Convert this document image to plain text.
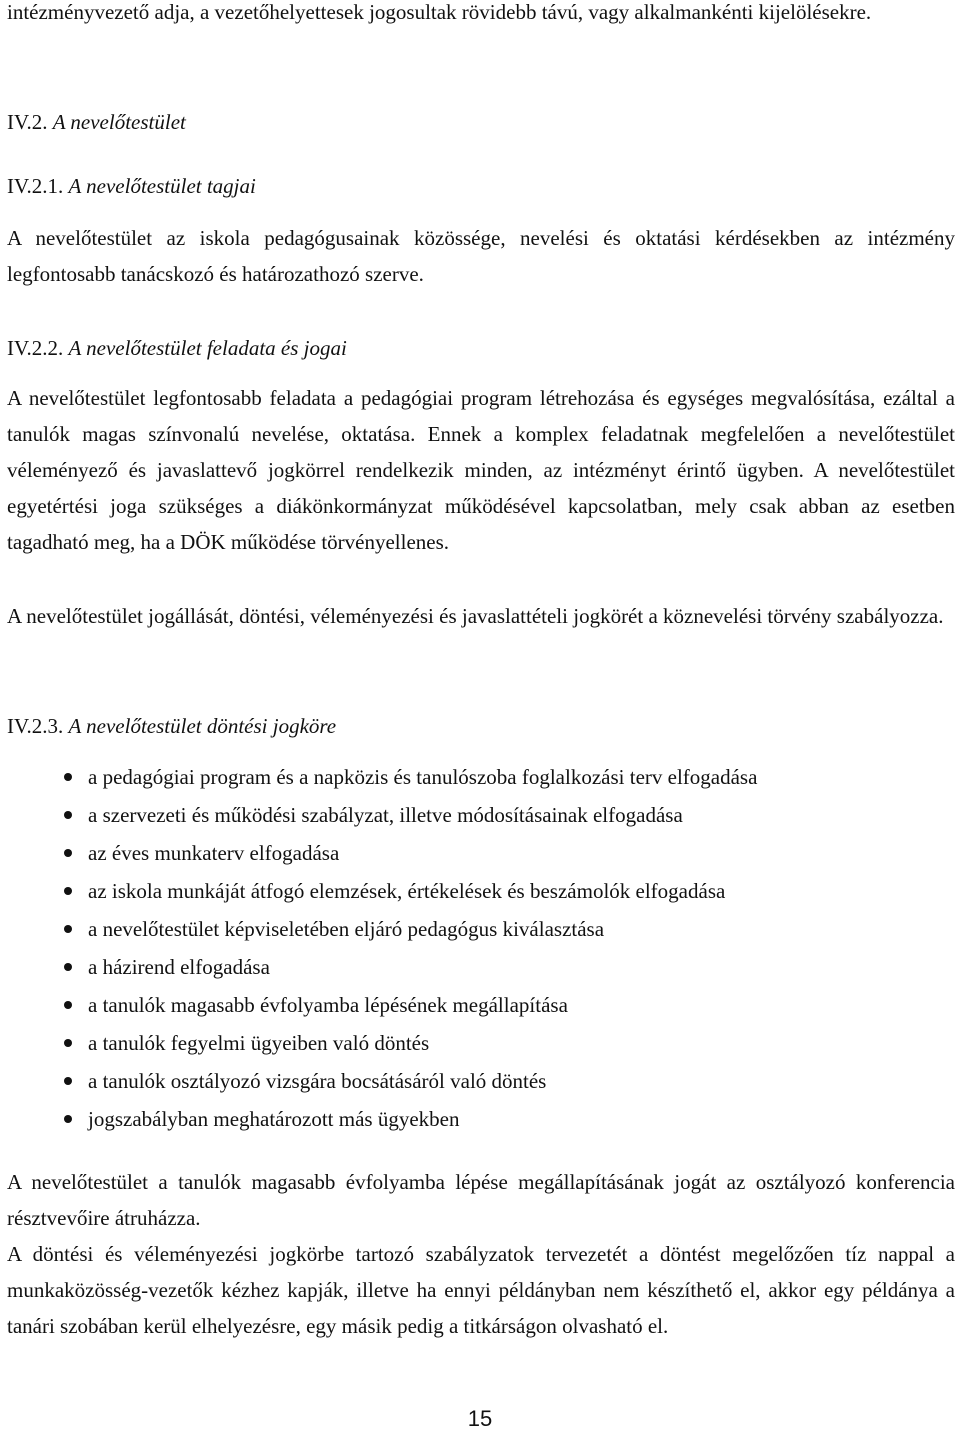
intézményvezető adja, a vezetőhelyettesek jogosultak rövidebb távú, vagy alkalmankénti kijelölésekre.

IV.2. A nevelőtestület
IV.2.1. A nevelőtestület tagjai

A nevelőtestület az iskola pedagógusainak közössége, nevelési és oktatási kérdésekben az intézmény legfontosabb tanácskozó és határozathozó szerve.

IV.2.2. A nevelőtestület feladata és jogai

A nevelőtestület legfontosabb feladata a pedagógiai program létrehozása és egységes megvalósítása, ezáltal a tanulók magas színvonalú nevelése, oktatása. Ennek a komplex feladatnak megfelelően a nevelőtestület véleményező és javaslattevő jogkörrel rendelkezik minden, az intézményt érintő ügyben. A nevelőtestület egyetértési joga szükséges a diákönkormányzat működésével kapcsolatban, mely csak abban az esetben tagadható meg, ha a DÖK működése törvényellenes.

A nevelőtestület jogállását, döntési, véleményezési és javaslattételi jogkörét a köznevelési törvény szabályozza.

IV.2.3. A nevelőtestület döntési jogköre
a pedagógiai program és a napközis és tanulószoba foglalkozási terv elfogadása
a szervezeti és működési szabályzat, illetve módosításainak elfogadása
az éves munkaterv elfogadása
az iskola munkáját átfogó elemzések, értékelések és beszámolók elfogadása
a nevelőtestület képviseletében eljáró pedagógus kiválasztása
a házirend elfogadása
a tanulók magasabb évfolyamba lépésének megállapítása
a tanulók fegyelmi ügyeiben való döntés
a tanulók osztályozó vizsgára bocsátásáról való döntés
jogszabályban meghatározott más ügyekben

A nevelőtestület a tanulók magasabb évfolyamba lépése megállapításának jogát az osztályozó konferencia résztvevőire átruházza.

A döntési és véleményezési jogkörbe tartozó szabályzatok tervezetét a döntést megelőzően tíz nappal a munkaközösség-vezetők kézhez kapják, illetve ha ennyi példányban nem készíthető el, akkor egy példánya a tanári szobában kerül elhelyezésre, egy másik pedig a titkárságon olvasható el.

15
